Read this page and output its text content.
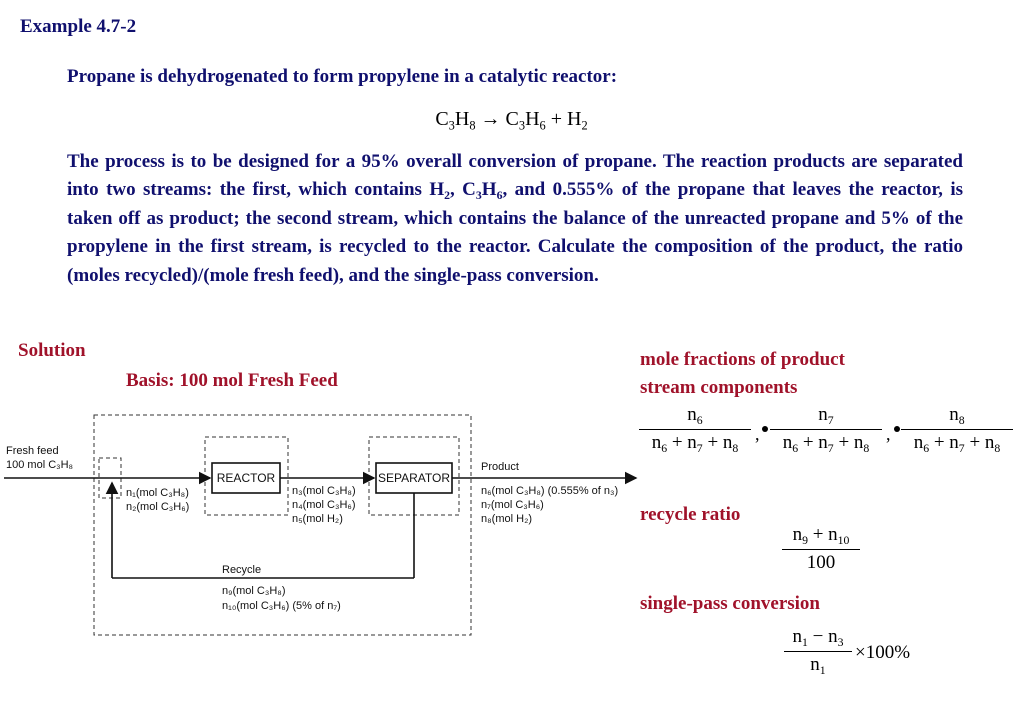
Example 4.7-2
Propane is dehydrogenated to form propylene in a catalytic reactor:
$C_3H_8 \to C_3H_6 + H_2$
The process is to be designed for a 95% overall conversion of propane. The reaction products are separated into two streams: the first, which contains $H_2$, $C_3H_6$, and 0.555% of the propane that leaves the reactor, is taken off as product; the second stream, which contains the balance of the unreacted propane and 5% of the propylene in the first stream, is recycled to the reactor. Calculate the composition of the product, the ratio (moles recycled)/(mole fresh feed), and the single-pass conversion.
Solution
Basis: 100 mol Fresh Feed
Fresh feed
100 mol C₃H₈
REACTOR	SEPARATOR
Product
n₁(mol C₃H₈)
n₂(mol C₃H₆)
n₃(mol C₃H₈)
n₄(mol C₃H₆)
n₅(mol H₂)
n₆(mol C₃H₈) (0.555% of n₃)
n₇(mol C₃H₆)
n₈(mol H₂)
Recycle
n₉(mol C₃H₈)
n₁₀(mol C₃H₆) (5% of n₇)
mole fractions of product
stream components
$n_6$
$n_6 + n_7 + n_8$
,
$n_7$
$n_6 + n_7 + n_8$
,
$n_8$
$n_6 + n_7 + n_8$
recycle ratio
$n_9 + n_{10}$
100
single-pass conversion
$n_1 - n_3$
$n_1$
×100%
